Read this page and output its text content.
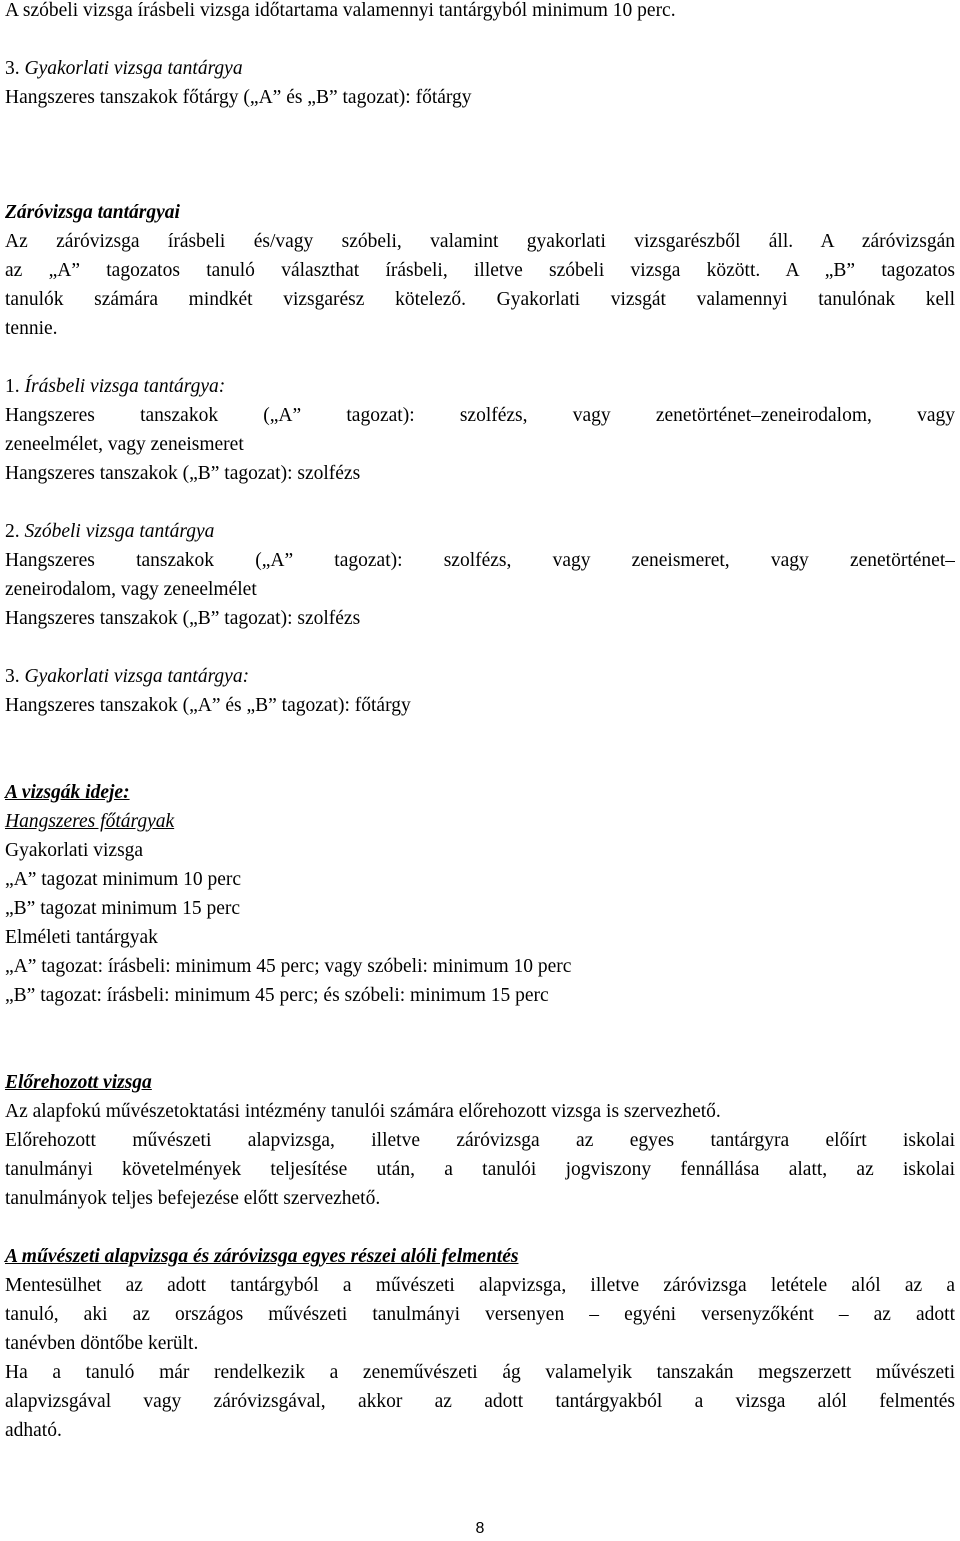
A szóbeli vizsga írásbeli vizsga időtartama valamennyi tantárgyból minimum 10 perc.
3. Gyakorlati vizsga tantárgya
Hangszeres tanszakok főtárgy („A” és „B” tagozat): főtárgy
Záróvizsga tantárgyai
Az záróvizsga írásbeli és/vagy szóbeli, valamint gyakorlati vizsgarészből áll. A záróvizsgán
az „A” tagozatos tanuló választhat írásbeli, illetve szóbeli vizsga között. A „B” tagozatos
tanulók számára mindkét vizsgarész kötelező. Gyakorlati vizsgát valamennyi tanulónak kell
tennie.
1. Írásbeli vizsga tantárgya:
Hangszeres tanszakok („A” tagozat): szolfézs, vagy zenetörténet–zeneirodalom, vagy
zeneelmélet, vagy zeneismeret
Hangszeres tanszakok („B” tagozat): szolfézs
2. Szóbeli vizsga tantárgya
Hangszeres tanszakok („A” tagozat): szolfézs, vagy zeneismeret, vagy zenetörténet–
zeneirodalom, vagy zeneelmélet
Hangszeres tanszakok („B” tagozat): szolfézs
3. Gyakorlati vizsga tantárgya:
Hangszeres tanszakok („A” és „B” tagozat): főtárgy
A vizsgák ideje:
Hangszeres főtárgyak
Gyakorlati vizsga
„A” tagozat minimum 10 perc
„B” tagozat minimum 15 perc
Elméleti tantárgyak
„A” tagozat: írásbeli: minimum 45 perc; vagy szóbeli: minimum 10 perc
„B” tagozat: írásbeli: minimum 45 perc; és szóbeli: minimum 15 perc
Előrehozott vizsga
Az alapfokú művészetoktatási intézmény tanulói számára előrehozott vizsga is szervezhető.
Előrehozott művészeti alapvizsga, illetve záróvizsga az egyes tantárgyra előírt iskolai
tanulmányi követelmények teljesítése után, a tanulói jogviszony fennállása alatt, az iskolai
tanulmányok teljes befejezése előtt szervezhető.
A művészeti alapvizsga és záróvizsga egyes részei alóli felmentés
Mentesülhet az adott tantárgyból a művészeti alapvizsga, illetve záróvizsga letétele alól az a
tanuló, aki az országos művészeti tanulmányi versenyen – egyéni versenyzőként – az adott
tanévben döntőbe került.
Ha a tanuló már rendelkezik a zeneművészeti ág valamelyik tanszakán megszerzett művészeti
alapvizsgával vagy záróvizsgával, akkor az adott tantárgyakból a vizsga alól felmentés
adható.
8
